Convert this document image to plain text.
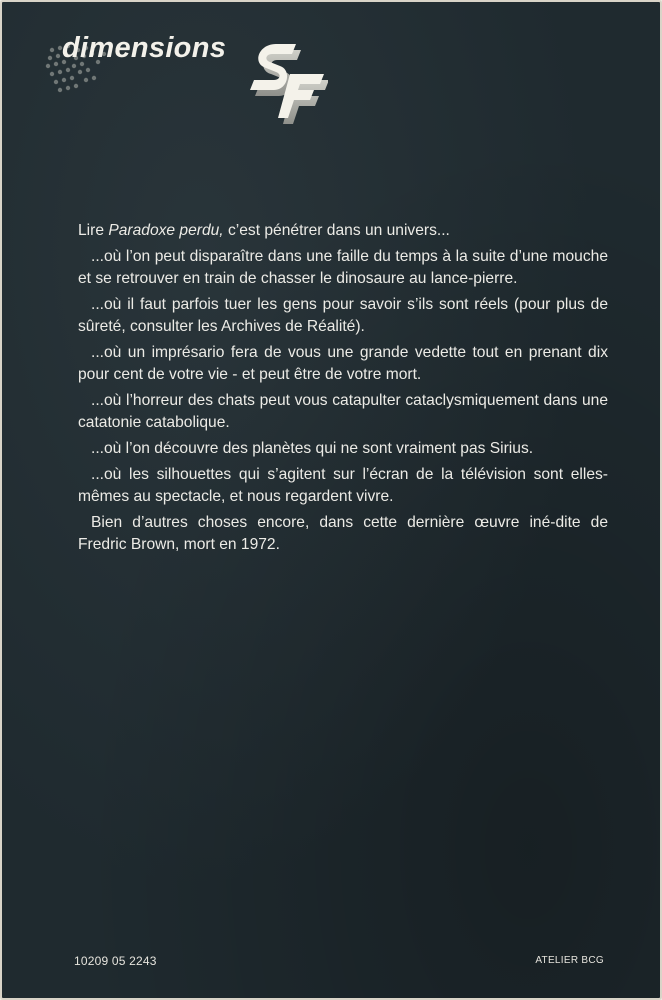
dimensions

Lire Paradoxe perdu, c’est pénétrer dans un univers...

...où l’on peut disparaître dans une faille du temps à la suite d’une mouche et se retrouver en train de chasser le dinosaure au lance-pierre.

...où il faut parfois tuer les gens pour savoir s’ils sont réels (pour plus de sûreté, consulter les Archives de Réalité).

...où un imprésario fera de vous une grande vedette tout en prenant dix pour cent de votre vie - et peut être de votre mort.

...où l’horreur des chats peut vous catapulter cataclysmiquement dans une catatonie catabolique.

...où l’on découvre des planètes qui ne sont vraiment pas Sirius.

...où les silhouettes qui s’agitent sur l’écran de la télévision sont elles-mêmes au spectacle, et nous regardent vivre.

Bien d’autres choses encore, dans cette dernière œuvre iné-dite de Fredric Brown, mort en 1972.

10209 05 2243	ATELIER BCG
